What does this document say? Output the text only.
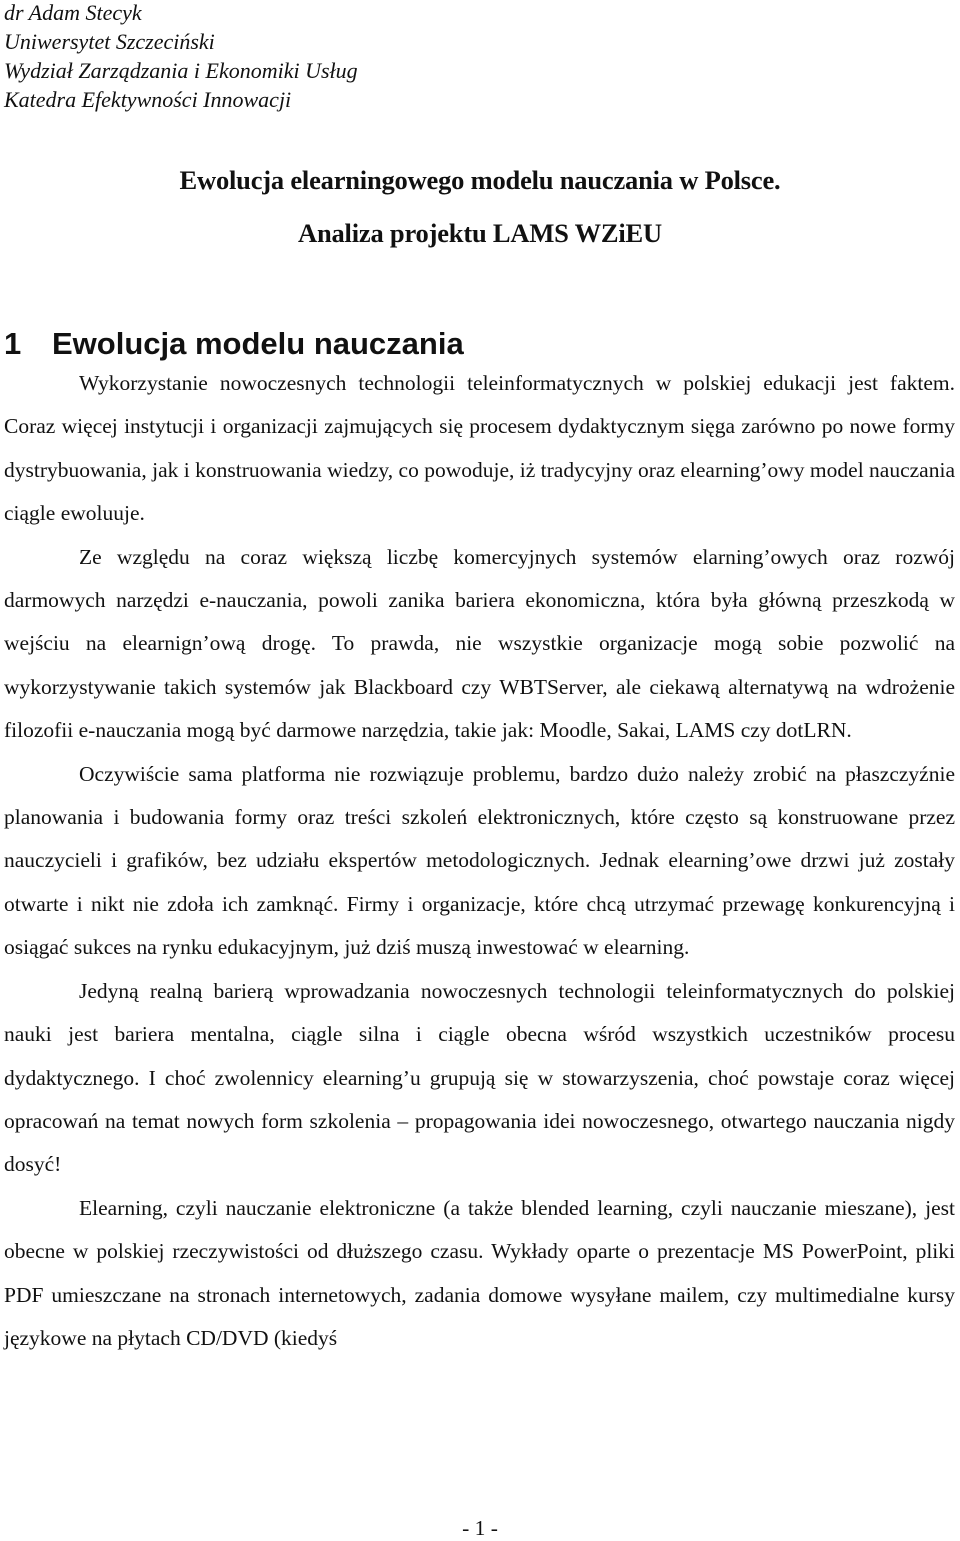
dr Adam Stecyk
Uniwersytet Szczeciński
Wydział Zarządzania i Ekonomiki Usług
Katedra Efektywności Innowacji
Ewolucja elearningowego modelu nauczania w Polsce.
Analiza projektu LAMS WZiEU
1 Ewolucja modelu nauczania

Wykorzystanie nowoczesnych technologii teleinformatycznych w polskiej edukacji jest faktem. Coraz więcej instytucji i organizacji zajmujących się procesem dydaktycznym sięga zarówno po nowe formy dystrybuowania, jak i konstruowania wiedzy, co powoduje, iż tradycyjny oraz elearning’owy model nauczania ciągle ewoluuje.

Ze względu na coraz większą liczbę komercyjnych systemów elarning’owych oraz rozwój darmowych narzędzi e-nauczania, powoli zanika bariera ekonomiczna, która była główną przeszkodą w wejściu na elearnign’ową drogę. To prawda, nie wszystkie organizacje mogą sobie pozwolić na wykorzystywanie takich systemów jak Blackboard czy WBTServer, ale ciekawą alternatywą na wdrożenie filozofii e-nauczania mogą być darmowe narzędzia, takie jak: Moodle, Sakai, LAMS czy dotLRN.

Oczywiście sama platforma nie rozwiązuje problemu, bardzo dużo należy zrobić na płaszczyźnie planowania i budowania formy oraz treści szkoleń elektronicznych, które często są konstruowane przez nauczycieli i grafików, bez udziału ekspertów metodologicznych. Jednak elearning’owe drzwi już zostały otwarte i nikt nie zdoła ich zamknąć. Firmy i organizacje, które chcą utrzymać przewagę konkurencyjną i osiągać sukces na rynku edukacyjnym, już dziś muszą inwestować w elearning.

Jedyną realną barierą wprowadzania nowoczesnych technologii teleinformatycznych do polskiej nauki jest bariera mentalna, ciągle silna i ciągle obecna wśród wszystkich uczestników procesu dydaktycznego. I choć zwolennicy elearning’u grupują się w stowarzyszenia, choć powstaje coraz więcej opracowań na temat nowych form szkolenia – propagowania idei nowoczesnego, otwartego nauczania nigdy dosyć!

Elearning, czyli nauczanie elektroniczne (a także blended learning, czyli nauczanie mieszane), jest obecne w polskiej rzeczywistości od dłuższego czasu. Wykłady oparte o prezentacje MS PowerPoint, pliki PDF umieszczane na stronach internetowych, zadania domowe wysyłane mailem, czy multimedialne kursy językowe na płytach CD/DVD (kiedyś

- 1 -
